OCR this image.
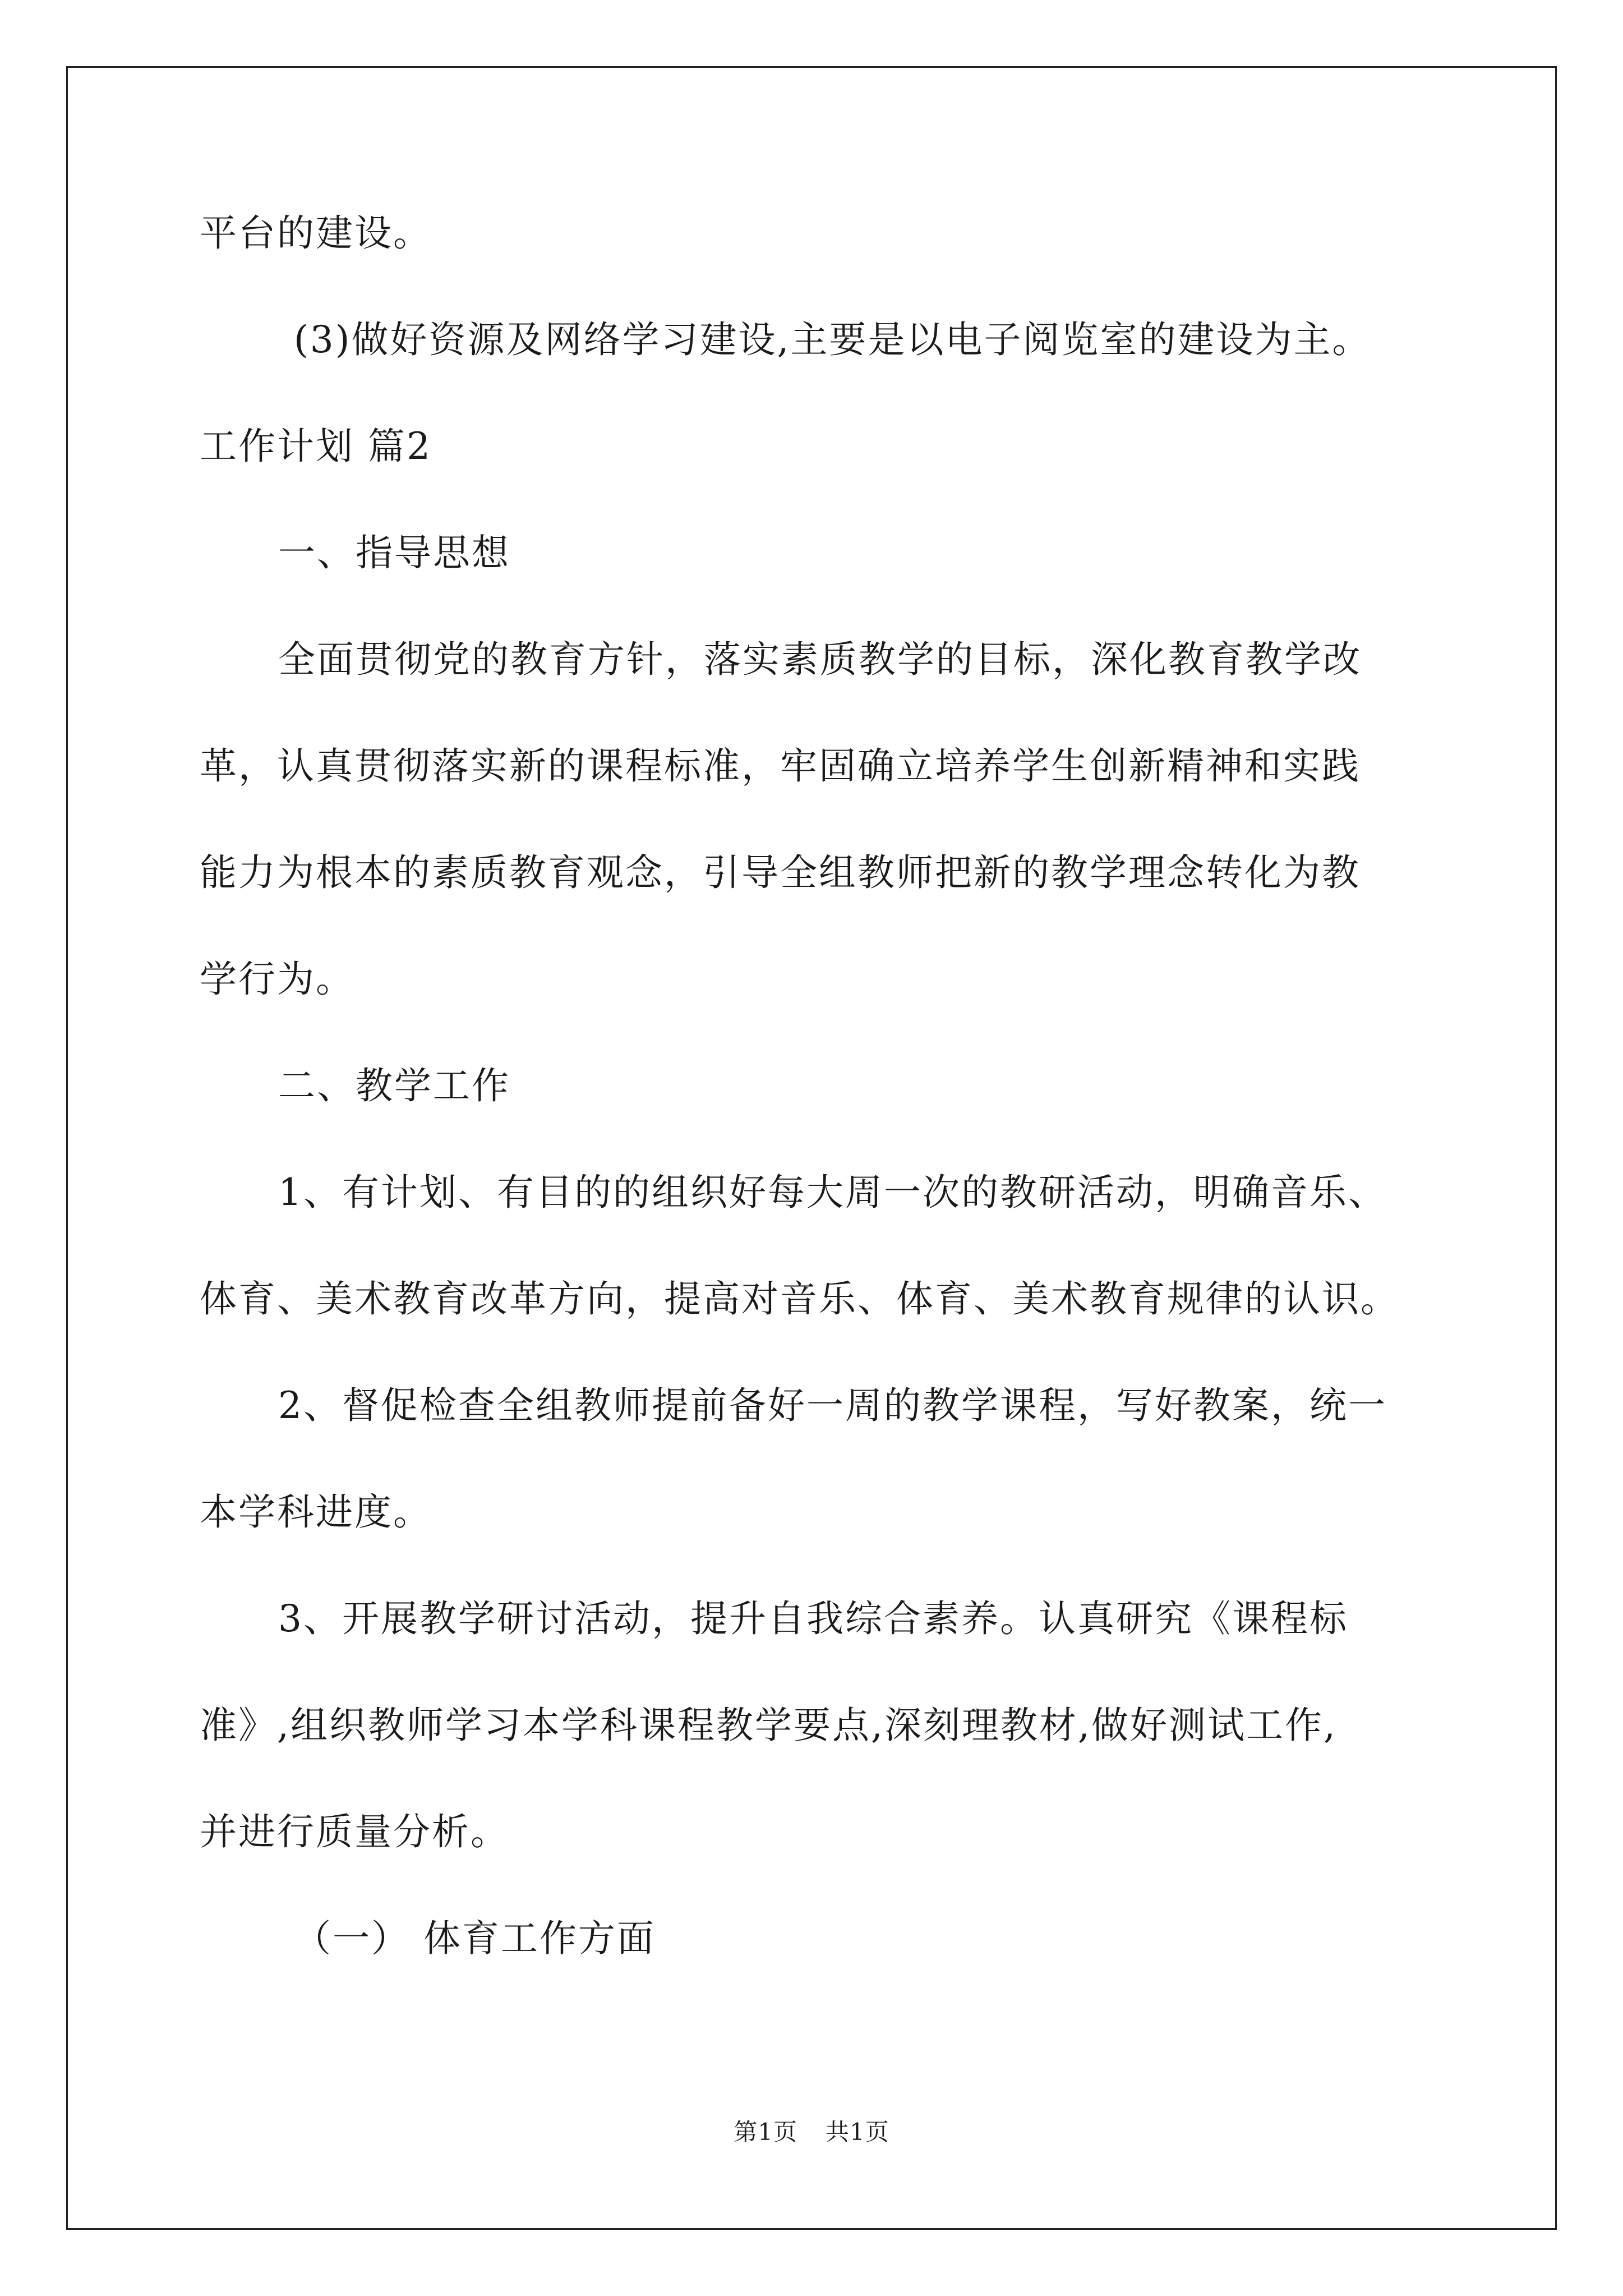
平台的建设。
(3)做好资源及网络学习建设,主要是以电子阅览室的建设为主。
工作计划 篇2
一、指导思想
全面贯彻党的教育方针，落实素质教学的目标，深化教育教学改
革，认真贯彻落实新的课程标准，牢固确立培养学生创新精神和实践
能力为根本的素质教育观念，引导全组教师把新的教学理念转化为教
学行为。
二、教学工作
1、有计划、有目的的组织好每大周一次的教研活动，明确音乐、
体育、美术教育改革方向，提高对音乐、体育、美术教育规律的认识。
2、督促检查全组教师提前备好一周的教学课程，写好教案，统一
本学科进度。
3、开展教学研讨活动，提升自我综合素养。认真研究《课程标
准》,组织教师学习本学科课程教学要点,深刻理教材,做好测试工作,
并进行质量分析。
（一） 体育工作方面
第1页 共1页
